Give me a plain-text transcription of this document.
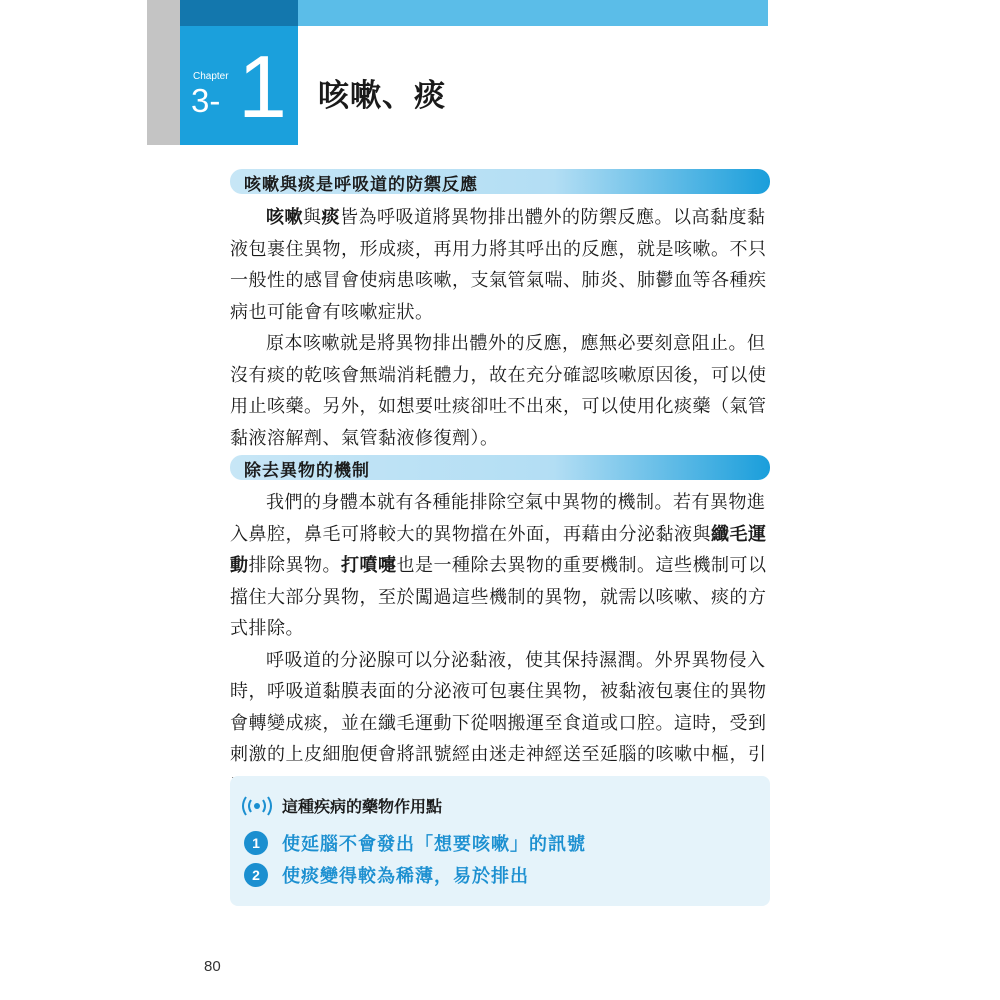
Chapter
3- 1 咳嗽、痰
咳嗽與痰是呼吸道的防禦反應

咳嗽與痰皆為呼吸道將異物排出體外的防禦反應。以高黏度黏液包裹住異物，形成痰，再用力將其呼出的反應，就是咳嗽。不只一般性的感冒會使病患咳嗽，支氣管氣喘、肺炎、肺鬱血等各種疾病也可能會有咳嗽症狀。

原本咳嗽就是將異物排出體外的反應，應無必要刻意阻止。但沒有痰的乾咳會無端消耗體力，故在充分確認咳嗽原因後，可以使用止咳藥。另外，如想要吐痰卻吐不出來，可以使用化痰藥（氣管黏液溶解劑、氣管黏液修復劑）。

除去異物的機制

我們的身體本就有各種能排除空氣中異物的機制。若有異物進入鼻腔，鼻毛可將較大的異物擋在外面，再藉由分泌黏液與纖毛運動排除異物。打噴嚏也是一種除去異物的重要機制。這些機制可以擋住大部分異物，至於闖過這些機制的異物，就需以咳嗽、痰的方式排除。

呼吸道的分泌腺可以分泌黏液，使其保持濕潤。外界異物侵入時，呼吸道黏膜表面的分泌液可包裹住異物，被黏液包裹住的異物會轉變成痰，並在纖毛運動下從咽搬運至食道或口腔。這時，受到刺激的上皮細胞便會將訊號經由迷走神經送至延腦的咳嗽中樞，引

這種疾病的藥物作用點
1	使延腦不會發出「想要咳嗽」的訊號
2	使痰變得較為稀薄，易於排出
80
